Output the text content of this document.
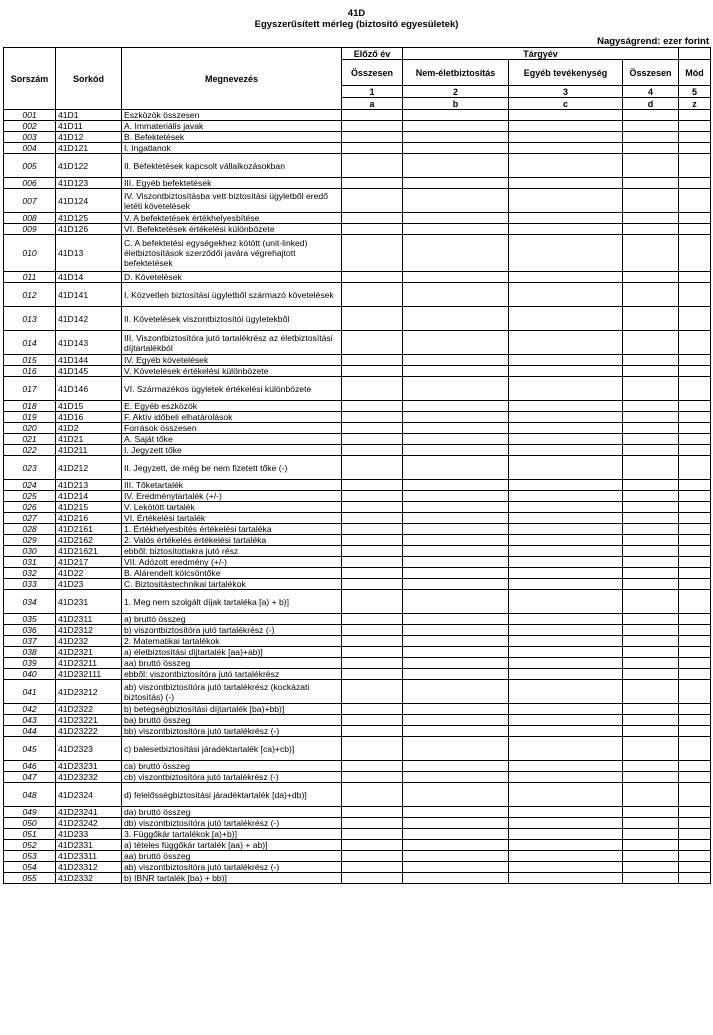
41D
Egyszerűsített mérleg (biztosító egyesületek)
Nagyságrend: ezer forint
Sorszám	Sorkód	Megnevezés	Előző év	Tárgyév			
			Összesen	Nem-életbiztosítás	Egyéb tevékenység	Összesen	Mód
			1	2	3	4	5
			a	b	c	d	z
001	41D1	Eszközök összesen					
002	41D11	A. Immateriális javak					
003	41D12	B. Befektetések					
004	41D121	I. Ingatlanok					
005	41D122	II. Befektetések kapcsolt vállalkozásokban					
006	41D123	III. Egyéb befektetések					
007	41D124	IV. Viszontbiztosításba vett biztosítási ügyletből eredő letéti követelések					
008	41D125	V. A befektetések értékhelyesbítése					
009	41D126	VI. Befektetések értékelési különbözete					
010	41D13	C. A befektetési egységekhez kötött (unit-linked) életbiztosítások szerződői javára végrehajtott befektetések					
011	41D14	D. Követelések					
012	41D141	I. Közvetlen biztosítási ügyletből származó követelések					
013	41D142	II. Követelések viszontbiztosítói ügyletekből					
014	41D143	III. Viszontbiztosítóra jutó tartalékrész az életbiztosítási díjtartalékból					
015	41D144	IV. Egyéb követelések					
016	41D145	V. Követelések értékelési különbözete					
017	41D146	VI. Származékos ügyletek értékelési különbözete					
018	41D15	E. Egyéb eszközök					
019	41D16	F. Aktív időbeli elhatárolások					
020	41D2	Források összesen					
021	41D21	A. Saját tőke					
022	41D211	I. Jegyzett tőke					
023	41D212	II. Jegyzett, de még be nem fizetett tőke (-)					
024	41D213	III. Tőketartalék					
025	41D214	IV. Eredménytartalék (+/-)					
026	41D215	V. Lekötött tartalék					
027	41D216	VI. Értékelési tartalék					
028	41D2161	1. Értékhelyesbítés értékelési tartaléka					
029	41D2162	2. Valós értékelés értékelési tartaléka					
030	41D21621	ebből: biztosítottakra jutó rész					
031	41D217	VII. Adózott eredmény (+/-)					
032	41D22	B. Alárendelt kölcsöntőke					
033	41D23	C. Biztosítástechnikai tartalékok					
034	41D231	1. Meg nem szolgált díjak tartaléka [a) + b)]					
035	41D2311	a) bruttó összeg					
036	41D2312	b) viszontbiztosítóra jutó tartalékrész (-)					
037	41D232	2. Matematikai tartalékok					
038	41D2321	a) életbiztosítási díjtartalék [aa)+ab)]					
039	41D23211	aa) bruttó összeg					
040	41D232111	ebből: viszontbiztosítóra jutó tartalékrész					
041	41D23212	ab) viszontbiztosítóra jutó tartalékrész (kockázati biztosítás) (-)					
042	41D2322	b) betegségbiztosítási díjtartalék [ba)+bb)]					
043	41D23221	ba) bruttó összeg					
044	41D23222	bb) viszontbiztosítóra jutó tartalékrész (-)					
045	41D2323	c) balesetbiztosítási járadéktartalék [ca)+cb)]					
046	41D23231	ca) bruttó összeg					
047	41D23232	cb) viszontbiztosítóra jutó tartalékrész (-)					
048	41D2324	d) felelősségbiztosítási járadéktartalék [da)+db)]					
049	41D23241	da) bruttó összeg					
050	41D23242	db) viszontbiztosítóra jutó tartalékrész (-)					
051	41D233	3. Függőkár tartalékok [a)+b)]					
052	41D2331	a) tételes függőkár tartalék [aa) + ab)]					
053	41D23311	aa) bruttó összeg					
054	41D23312	ab) viszontbiztosítóra jutó tartalékrész (-)					
055	41D2332	b) IBNR tartalék [ba) + bb)]					
